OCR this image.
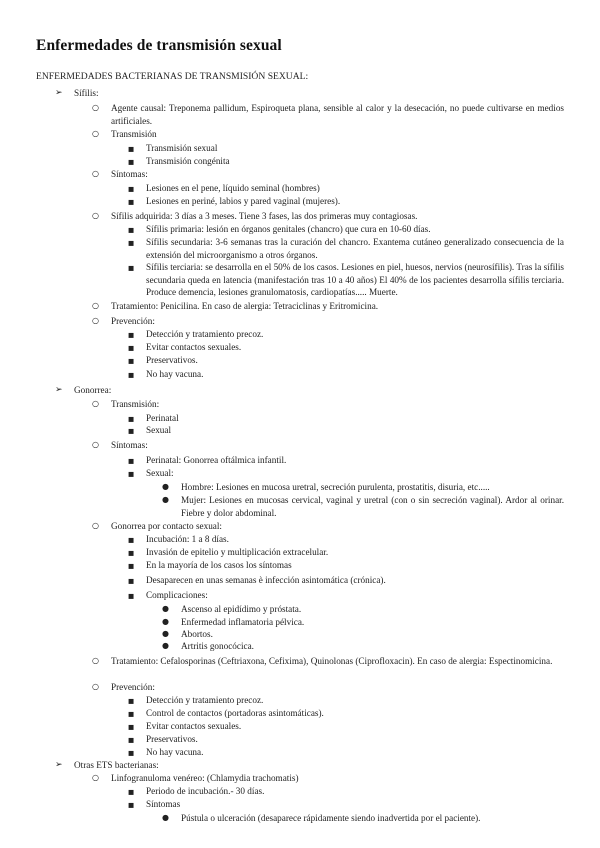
Enfermedades de transmisión sexual
ENFERMEDADES BACTERIANAS DE TRANSMISIÓN SEXUAL:
➢ Sífilis:
○ Agente causal: Treponema pallidum, Espiroqueta plana, sensible al calor y la desecación, no puede cultivarse en medios artificiales.
○ Transmisión
■ Transmisión sexual
■ Transmisión congénita
○ Síntomas:
■ Lesiones en el pene, líquido seminal (hombres)
■ Lesiones en periné, labios y pared vaginal (mujeres).
○ Sífilis adquirida: 3 días a 3 meses. Tiene 3 fases, las dos primeras muy contagiosas.
■ Sífilis primaria: lesión en órganos genitales (chancro) que cura en 10-60 días.
■ Sífilis secundaria: 3-6 semanas tras la curación del chancro. Exantema cutáneo generalizado consecuencia de la extensión del microorganismo a otros órganos.
■ Sífilis terciaria: se desarrolla en el 50% de los casos. Lesiones en piel, huesos, nervios (neurosífilis). Tras la sífilis secundaria queda en latencia (manifestación tras 10 a 40 años) El 40% de los pacientes desarrolla sífilis terciaria. Produce demencia, lesiones granulomatosis, cardiopatías..... Muerte.
○ Tratamiento: Penicilina. En caso de alergia: Tetraciclinas y Eritromicina.
○ Prevención:
■ Detección y tratamiento precoz.
■ Evitar contactos sexuales.
■ Preservativos.
■ No hay vacuna.
➢ Gonorrea:
○ Transmisión:
■ Perinatal
■ Sexual
○ Síntomas:
■ Perinatal: Gonorrea oftálmica infantil.
■ Sexual:
● Hombre: Lesiones en mucosa uretral, secreción purulenta, prostatitis, disuria, etc.....
● Mujer: Lesiones en mucosas cervical, vaginal y uretral (con o sin secreción vaginal). Ardor al orinar. Fiebre y dolor abdominal.
○ Gonorrea por contacto sexual:
■ Incubación: 1 a 8 días.
■ Invasión de epitelio y multiplicación extracelular.
■ En la mayoría de los casos los síntomas
■ Desaparecen en unas semanas è infección asintomática (crónica).
■ Complicaciones:
● Ascenso al epidídimo y próstata.
● Enfermedad inflamatoria pélvica.
● Abortos.
● Artritis gonocócica.
○ Tratamiento: Cefalosporinas (Ceftriaxona, Cefixima), Quinolonas (Ciprofloxacin). En caso de alergia: Espectinomicina.
○ Prevención:
■ Detección y tratamiento precoz.
■ Control de contactos (portadoras asintomáticas).
■ Evitar contactos sexuales.
■ Preservativos.
■ No hay vacuna.
➢ Otras ETS bacterianas:
○ Linfogranuloma venéreo: (Chlamydia trachomatis)
■ Periodo de incubación.- 30 días.
■ Síntomas
● Pústula o ulceración (desaparece rápidamente siendo inadvertida por el paciente).
